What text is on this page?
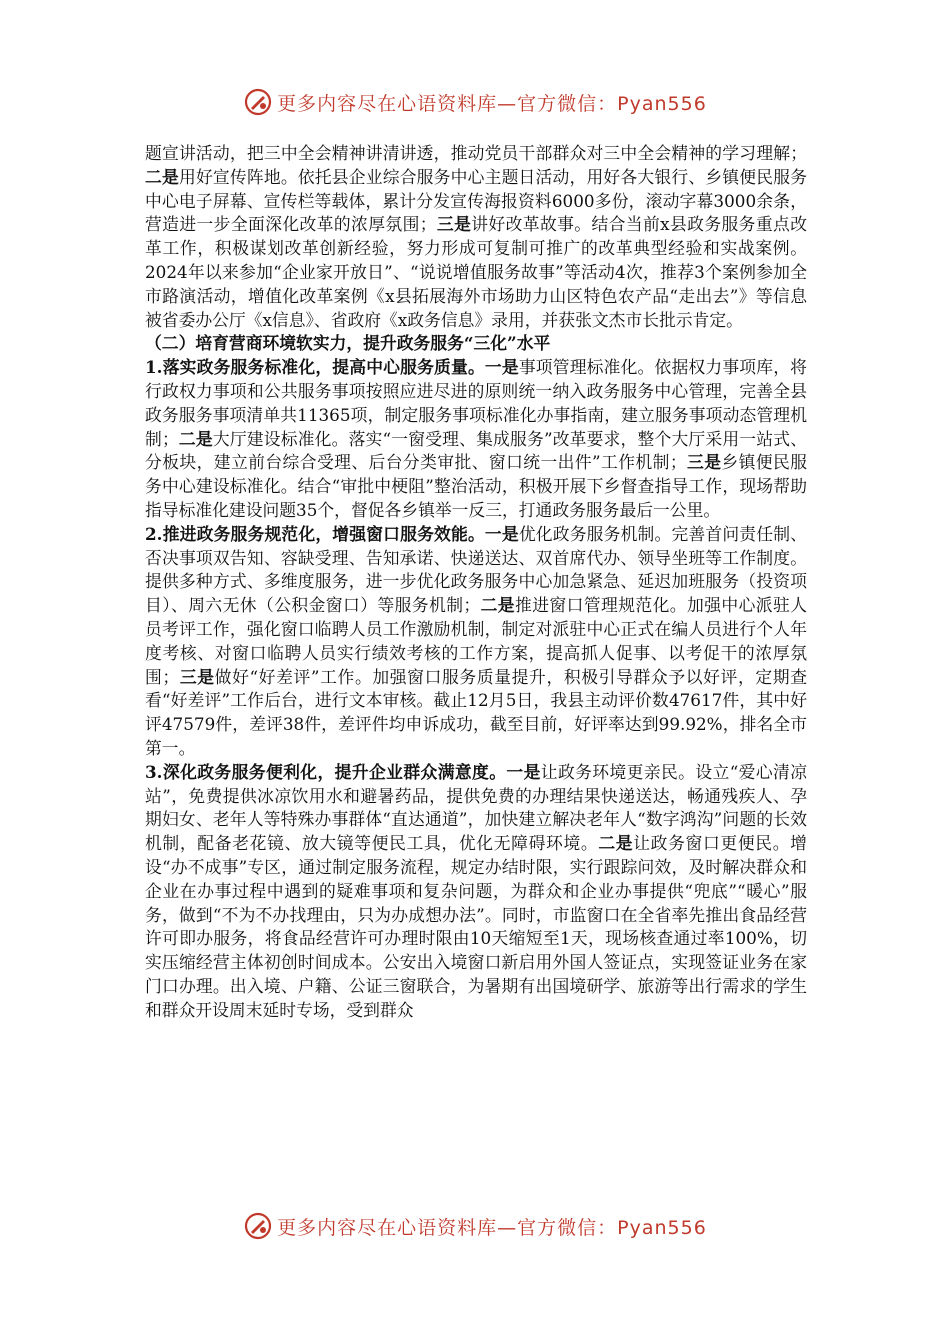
更多内容尽在心语资料库—官方微信：Pyan556

题宣讲活动，把三中全会精神讲清讲透，推动党员干部群众对三中全会精神的学习理解；二是用好宣传阵地。依托县企业综合服务中心主题日活动，用好各大银行、乡镇便民服务中心电子屏幕、宣传栏等载体，累计分发宣传海报资料6000多份，滚动字幕3000余条，营造进一步全面深化改革的浓厚氛围；三是讲好改革故事。结合当前x县政务服务重点改革工作，积极谋划改革创新经验，努力形成可复制可推广的改革典型经验和实战案例。2024年以来参加“企业家开放日”、“说说增值服务故事”等活动4次，推荐3个案例参加全市路演活动，增值化改革案例《x县拓展海外市场助力山区特色农产品“走出去”》等信息被省委办公厅《x信息》、省政府《x政务信息》录用，并获张文杰市长批示肯定。

（二）培育营商环境软实力，提升政务服务“三化”水平

1.落实政务服务标准化，提高中心服务质量。一是事项管理标准化。依据权力事项库，将行政权力事项和公共服务事项按照应进尽进的原则统一纳入政务服务中心管理，完善全县政务服务事项清单共11365项，制定服务事项标准化办事指南，建立服务事项动态管理机制；二是大厅建设标准化。落实“一窗受理、集成服务”改革要求，整个大厅采用一站式、分板块，建立前台综合受理、后台分类审批、窗口统一出件”工作机制；三是乡镇便民服务中心建设标准化。结合“审批中梗阻”整治活动，积极开展下乡督查指导工作，现场帮助指导标准化建设问题35个，督促各乡镇举一反三，打通政务服务最后一公里。

2.推进政务服务规范化，增强窗口服务效能。一是优化政务服务机制。完善首问责任制、否决事项双告知、容缺受理、告知承诺、快递送达、双首席代办、领导坐班等工作制度。提供多种方式、多维度服务，进一步优化政务服务中心加急紧急、延迟加班服务（投资项目）、周六无休（公积金窗口）等服务机制；二是推进窗口管理规范化。加强中心派驻人员考评工作，强化窗口临聘人员工作激励机制，制定对派驻中心正式在编人员进行个人年度考核、对窗口临聘人员实行绩效考核的工作方案，提高抓人促事、以考促干的浓厚氛围；三是做好“好差评”工作。加强窗口服务质量提升，积极引导群众予以好评，定期查看“好差评”工作后台，进行文本审核。截止12月5日，我县主动评价数47617件，其中好评47579件，差评38件，差评件均申诉成功，截至目前，好评率达到99.92%，排名全市第一。

3.深化政务服务便利化，提升企业群众满意度。一是让政务环境更亲民。设立“爱心清凉站”，免费提供冰凉饮用水和避暑药品，提供免费的办理结果快递送达，畅通残疾人、孕期妇女、老年人等特殊办事群体“直达通道”，加快建立解决老年人“数字鸿沟”问题的长效机制，配备老花镜、放大镜等便民工具，优化无障碍环境。二是让政务窗口更便民。增设“办不成事”专区，通过制定服务流程，规定办结时限，实行跟踪问效，及时解决群众和企业在办事过程中遇到的疑难事项和复杂问题，为群众和企业办事提供“兜底”“暖心”服务，做到“不为不办找理由，只为办成想办法”。同时，市监窗口在全省率先推出食品经营许可即办服务，将食品经营许可办理时限由10天缩短至1天，现场核查通过率100%，切实压缩经营主体初创时间成本。公安出入境窗口新启用外国人签证点，实现签证业务在家门口办理。出入境、户籍、公证三窗联合，为暑期有出国境研学、旅游等出行需求的学生和群众开设周末延时专场，受到群众

更多内容尽在心语资料库—官方微信：Pyan556
